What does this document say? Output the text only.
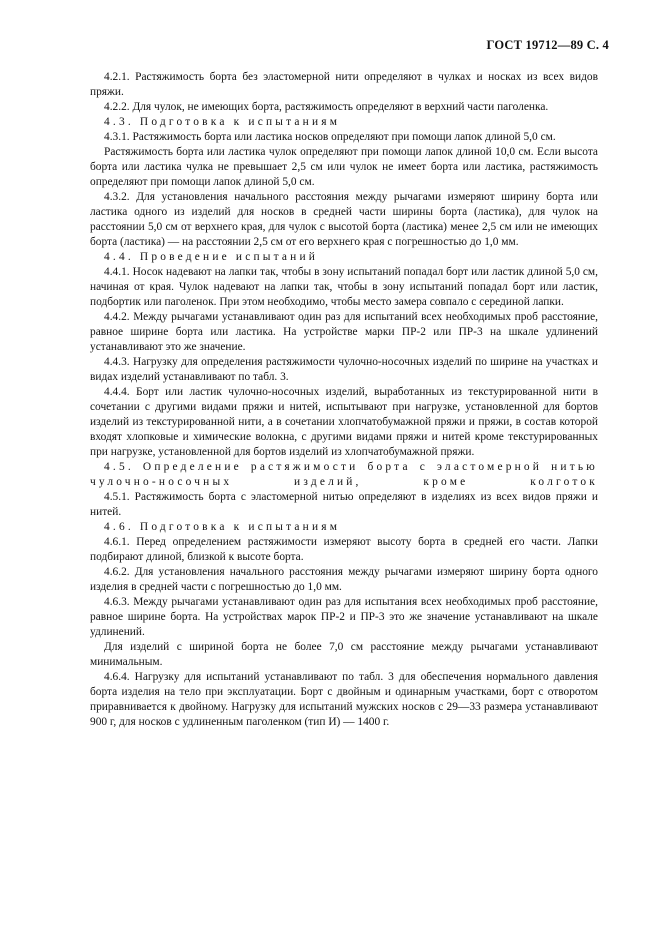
ГОСТ 19712—89 С. 4

4.2.1. Растяжимость борта без эластомерной нити определяют в чулках и носках из всех видов пряжи.

4.2.2. Для чулок, не имеющих борта, растяжимость определяют в верхний части паголенка.

4.3. Подготовка к испытаниям

4.3.1. Растяжимость борта или ластика носков определяют при помощи лапок длиной 5,0 см.

Растяжимость борта или ластика чулок определяют при помощи лапок длиной 10,0 см. Если высота борта или ластика чулка не превышает 2,5 см или чулок не имеет борта или ластика, растяжимость определяют при помощи лапок длиной 5,0 см.

4.3.2. Для установления начального расстояния между рычагами измеряют ширину борта или ластика одного из изделий для носков в средней части ширины борта (ластика), для чулок на расстоянии 5,0 см от верхнего края, для чулок с высотой борта (ластика) менее 2,5 см или не имеющих борта (ластика) — на расстоянии 2,5 см от его верхнего края с погрешностью до 1,0 мм.

4.4. Проведение испытаний

4.4.1. Носок надевают на лапки так, чтобы в зону испытаний попадал борт или ластик длиной 5,0 см, начиная от края. Чулок надевают на лапки так, чтобы в зону испытаний попадал борт или ластик, подбортик или паголенок. При этом необходимо, чтобы место замера совпало с серединой лапки.

4.4.2. Между рычагами устанавливают один раз для испытаний всех необходимых проб расстояние, равное ширине борта или ластика. На устройстве марки ПР-2 или ПР-3 на шкале удлинений устанавливают это же значение.

4.4.3. Нагрузку для определения растяжимости чулочно-носочных изделий по ширине на участках и видах изделий устанавливают по табл. 3.

4.4.4. Борт или ластик чулочно-носочных изделий, выработанных из текстурированной нити в сочетании с другими видами пряжи и нитей, испытывают при нагрузке, установленной для бортов изделий из текстурированной нити, а в сочетании хлопчатобумажной пряжи и пряжи, в состав которой входят хлопковые и химические волокна, с другими видами пряжи и нитей кроме текстурированных при нагрузке, установленной для бортов изделий из хлопчатобумажной пряжи.

4.5. Определение растяжимости борта с эластомерной нитью чулочно-носочных изделий, кроме колготок

4.5.1. Растяжимость борта с эластомерной нитью определяют в изделиях из всех видов пряжи и нитей.

4.6. Подготовка к испытаниям

4.6.1. Перед определением растяжимости измеряют высоту борта в средней его части. Лапки подбирают длиной, близкой к высоте борта.

4.6.2. Для установления начального расстояния между рычагами измеряют ширину борта одного изделия в средней части с погрешностью до 1,0 мм.

4.6.3. Между рычагами устанавливают один раз для испытания всех необходимых проб расстояние, равное ширине борта. На устройствах марок ПР-2 и ПР-3 это же значение устанавливают на шкале удлинений.

Для изделий с шириной борта не более 7,0 см расстояние между рычагами устанавливают минимальным.

4.6.4. Нагрузку для испытаний устанавливают по табл. 3 для обеспечения нормального давления борта изделия на тело при эксплуатации. Борт с двойным и одинарным участками, борт с отворотом приравнивается к двойному. Нагрузку для испытаний мужских носков с 29—33 размера устанавливают 900 г, для носков с удлиненным паголенком (тип И) — 1400 г.
